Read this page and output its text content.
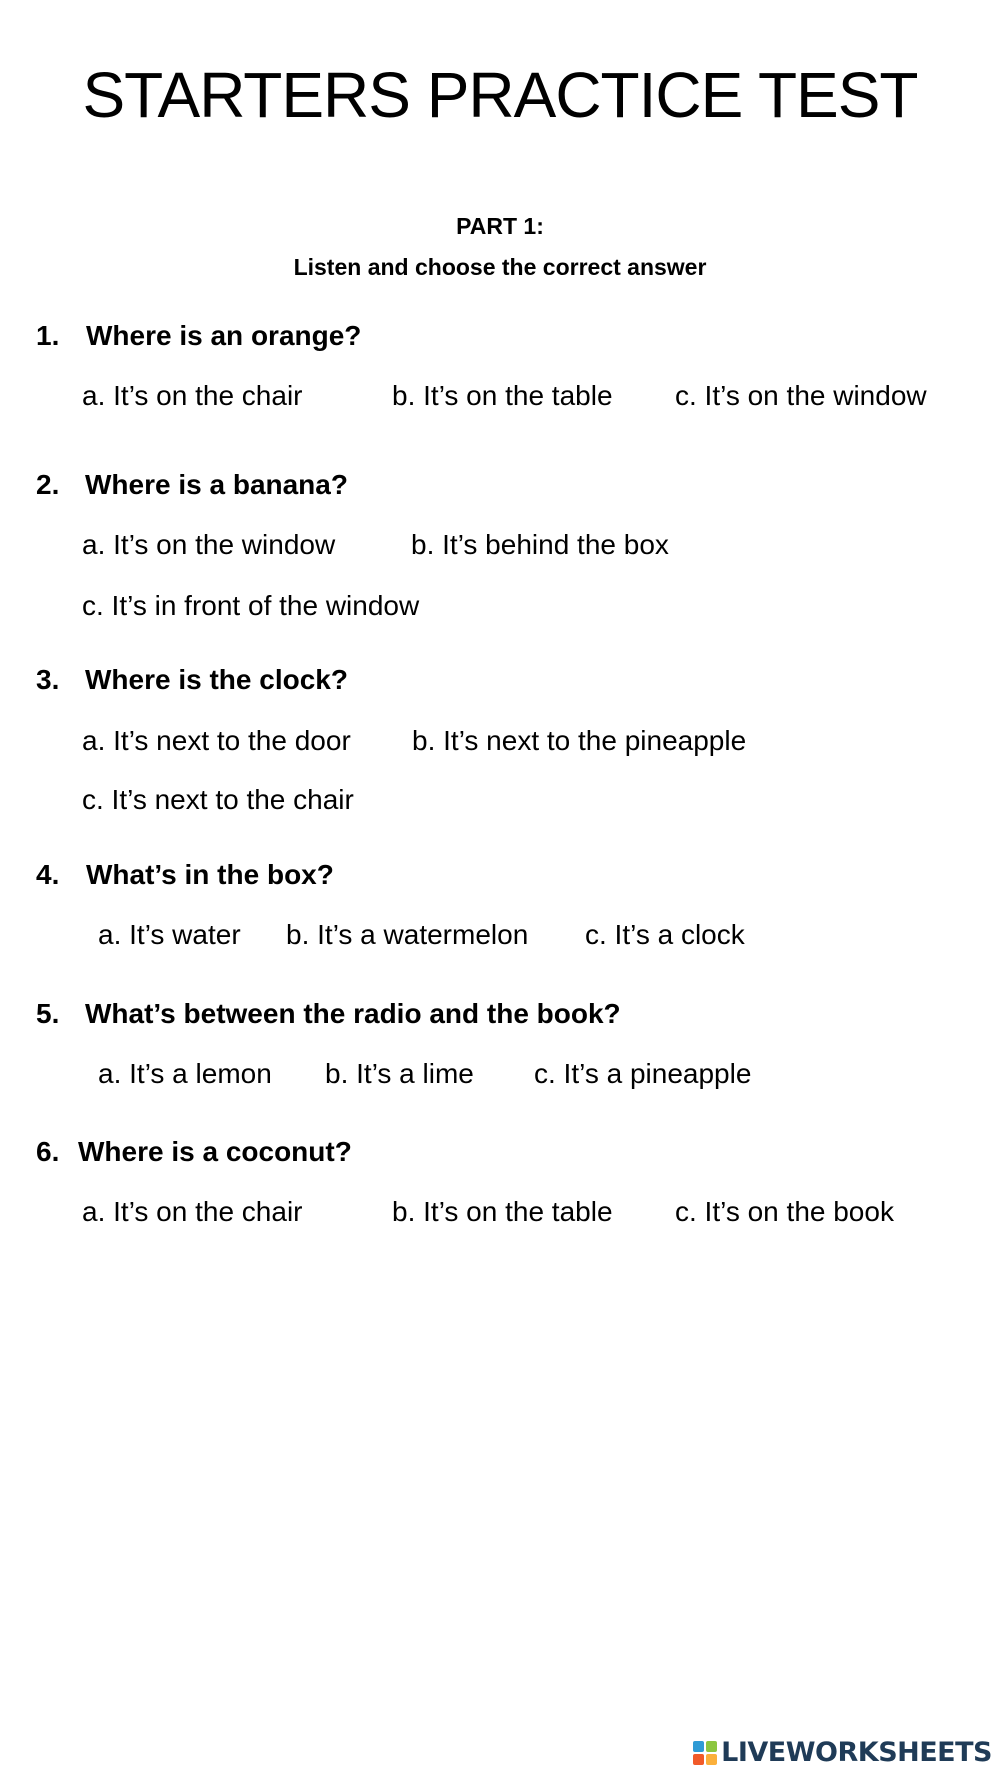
STARTERS PRACTICE TEST
PART 1:
Listen and choose the correct answer
1. Where is an orange?
a. It’s on the chair	b. It’s on the table c. It’s on the window
2. Where is a banana?
a. It’s on the window	b. It’s behind the box
c. It’s in front of the window
3. Where is the clock?
a. It’s next to the door b. It’s next to the pineapple
c. It’s next to the chair
4. What’s in the box?
a. It’s water b. It’s a watermelon c. It’s a clock
5. What’s between the radio and the book?
a. It’s a lemon b. It’s a lime c. It’s a pineapple
6. Where is a coconut?
a. It’s on the chair	b. It’s on the table c. It’s on the book
LIVEWORKSHEETS
